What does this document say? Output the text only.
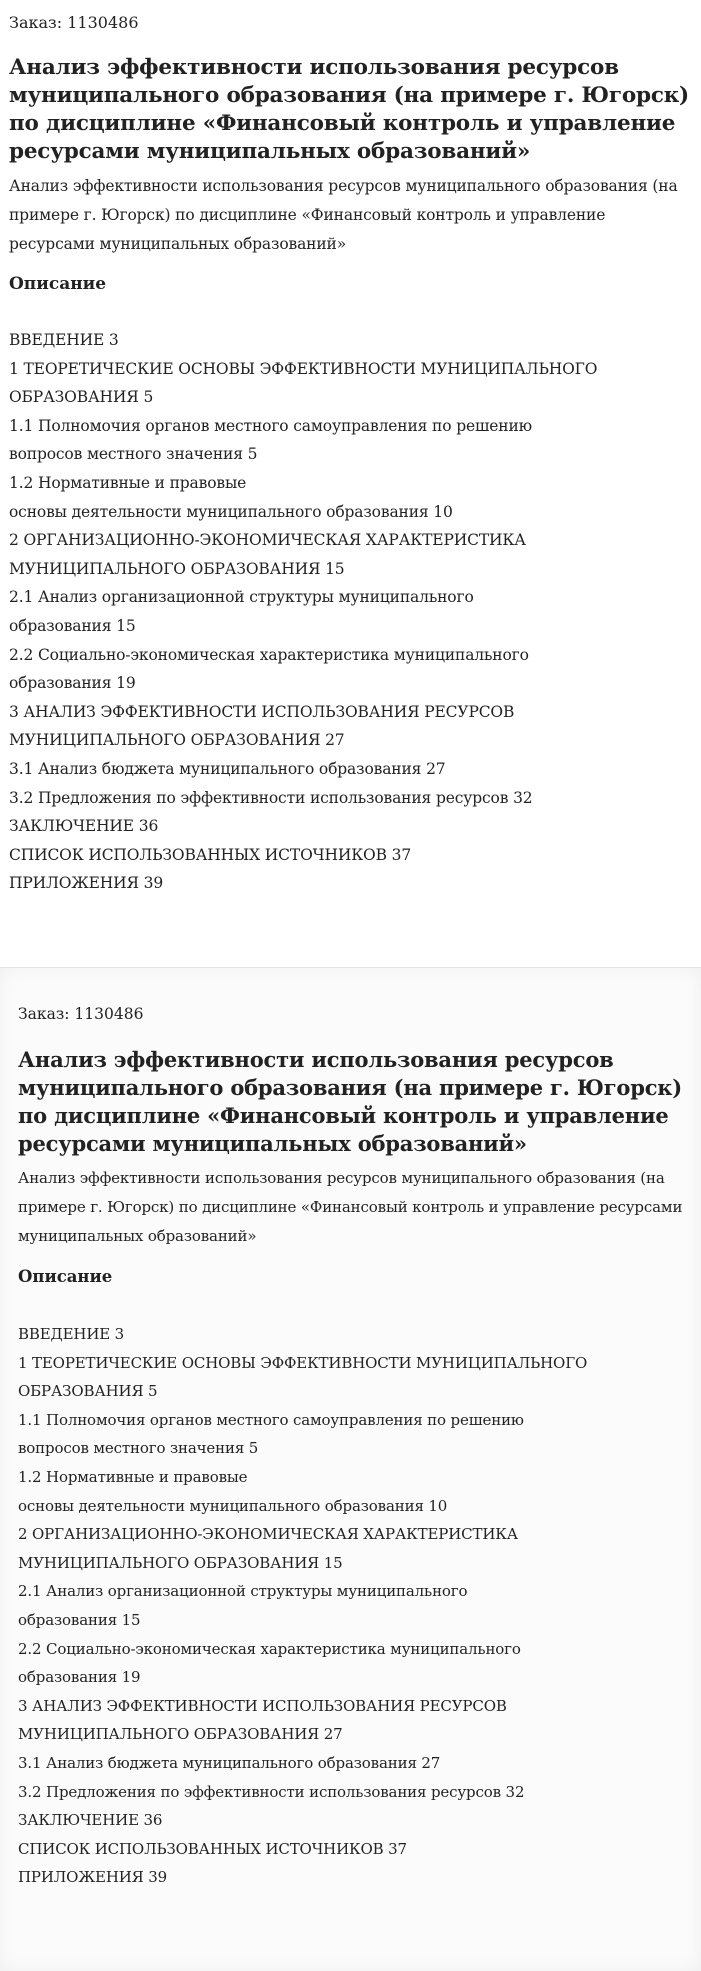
Заказ: 1130486

Анализ эффективности использования ресурсов муниципального образования (на примере г. Югорск) по дисциплине «Финансовый контроль и управление ресурсами муниципальных образований»

Анализ эффективности использования ресурсов муниципального образования (на примере г. Югорск) по дисциплине «Финансовый контроль и управление ресурсами муниципальных образований»

Описание
ВВЕДЕНИЕ 3
1 ТЕОРЕТИЧЕСКИЕ ОСНОВЫ ЭФФЕКТИВНОСТИ МУНИЦИПАЛЬНОГО
ОБРАЗОВАНИЯ 5
1.1 Полномочия органов местного самоуправления по решению
вопросов местного значения 5
1.2 Нормативные и правовые
основы деятельности муниципального образования 10
2 ОРГАНИЗАЦИОННО-ЭКОНОМИЧЕСКАЯ ХАРАКТЕРИСТИКА
МУНИЦИПАЛЬНОГО ОБРАЗОВАНИЯ 15
2.1 Анализ организационной структуры муниципального
образования 15
2.2 Социально-экономическая характеристика муниципального
образования 19
3 АНАЛИЗ ЭФФЕКТИВНОСТИ ИСПОЛЬЗОВАНИЯ РЕСУРСОВ
МУНИЦИПАЛЬНОГО ОБРАЗОВАНИЯ 27
3.1 Анализ бюджета муниципального образования 27
3.2 Предложения по эффективности использования ресурсов 32
ЗАКЛЮЧЕНИЕ 36
СПИСОК ИСПОЛЬЗОВАННЫХ ИСТОЧНИКОВ 37
ПРИЛОЖЕНИЯ 39

Заказ: 1130486

Анализ эффективности использования ресурсов муниципального образования (на примере г. Югорск) по дисциплине «Финансовый контроль и управление ресурсами муниципальных образований»

Анализ эффективности использования ресурсов муниципального образования (на примере г. Югорск) по дисциплине «Финансовый контроль и управление ресурсами муниципальных образований»

Описание
ВВЕДЕНИЕ 3
1 ТЕОРЕТИЧЕСКИЕ ОСНОВЫ ЭФФЕКТИВНОСТИ МУНИЦИПАЛЬНОГО
ОБРАЗОВАНИЯ 5
1.1 Полномочия органов местного самоуправления по решению
вопросов местного значения 5
1.2 Нормативные и правовые
основы деятельности муниципального образования 10
2 ОРГАНИЗАЦИОННО-ЭКОНОМИЧЕСКАЯ ХАРАКТЕРИСТИКА
МУНИЦИПАЛЬНОГО ОБРАЗОВАНИЯ 15
2.1 Анализ организационной структуры муниципального
образования 15
2.2 Социально-экономическая характеристика муниципального
образования 19
3 АНАЛИЗ ЭФФЕКТИВНОСТИ ИСПОЛЬЗОВАНИЯ РЕСУРСОВ
МУНИЦИПАЛЬНОГО ОБРАЗОВАНИЯ 27
3.1 Анализ бюджета муниципального образования 27
3.2 Предложения по эффективности использования ресурсов 32
ЗАКЛЮЧЕНИЕ 36
СПИСОК ИСПОЛЬЗОВАННЫХ ИСТОЧНИКОВ 37
ПРИЛОЖЕНИЯ 39
